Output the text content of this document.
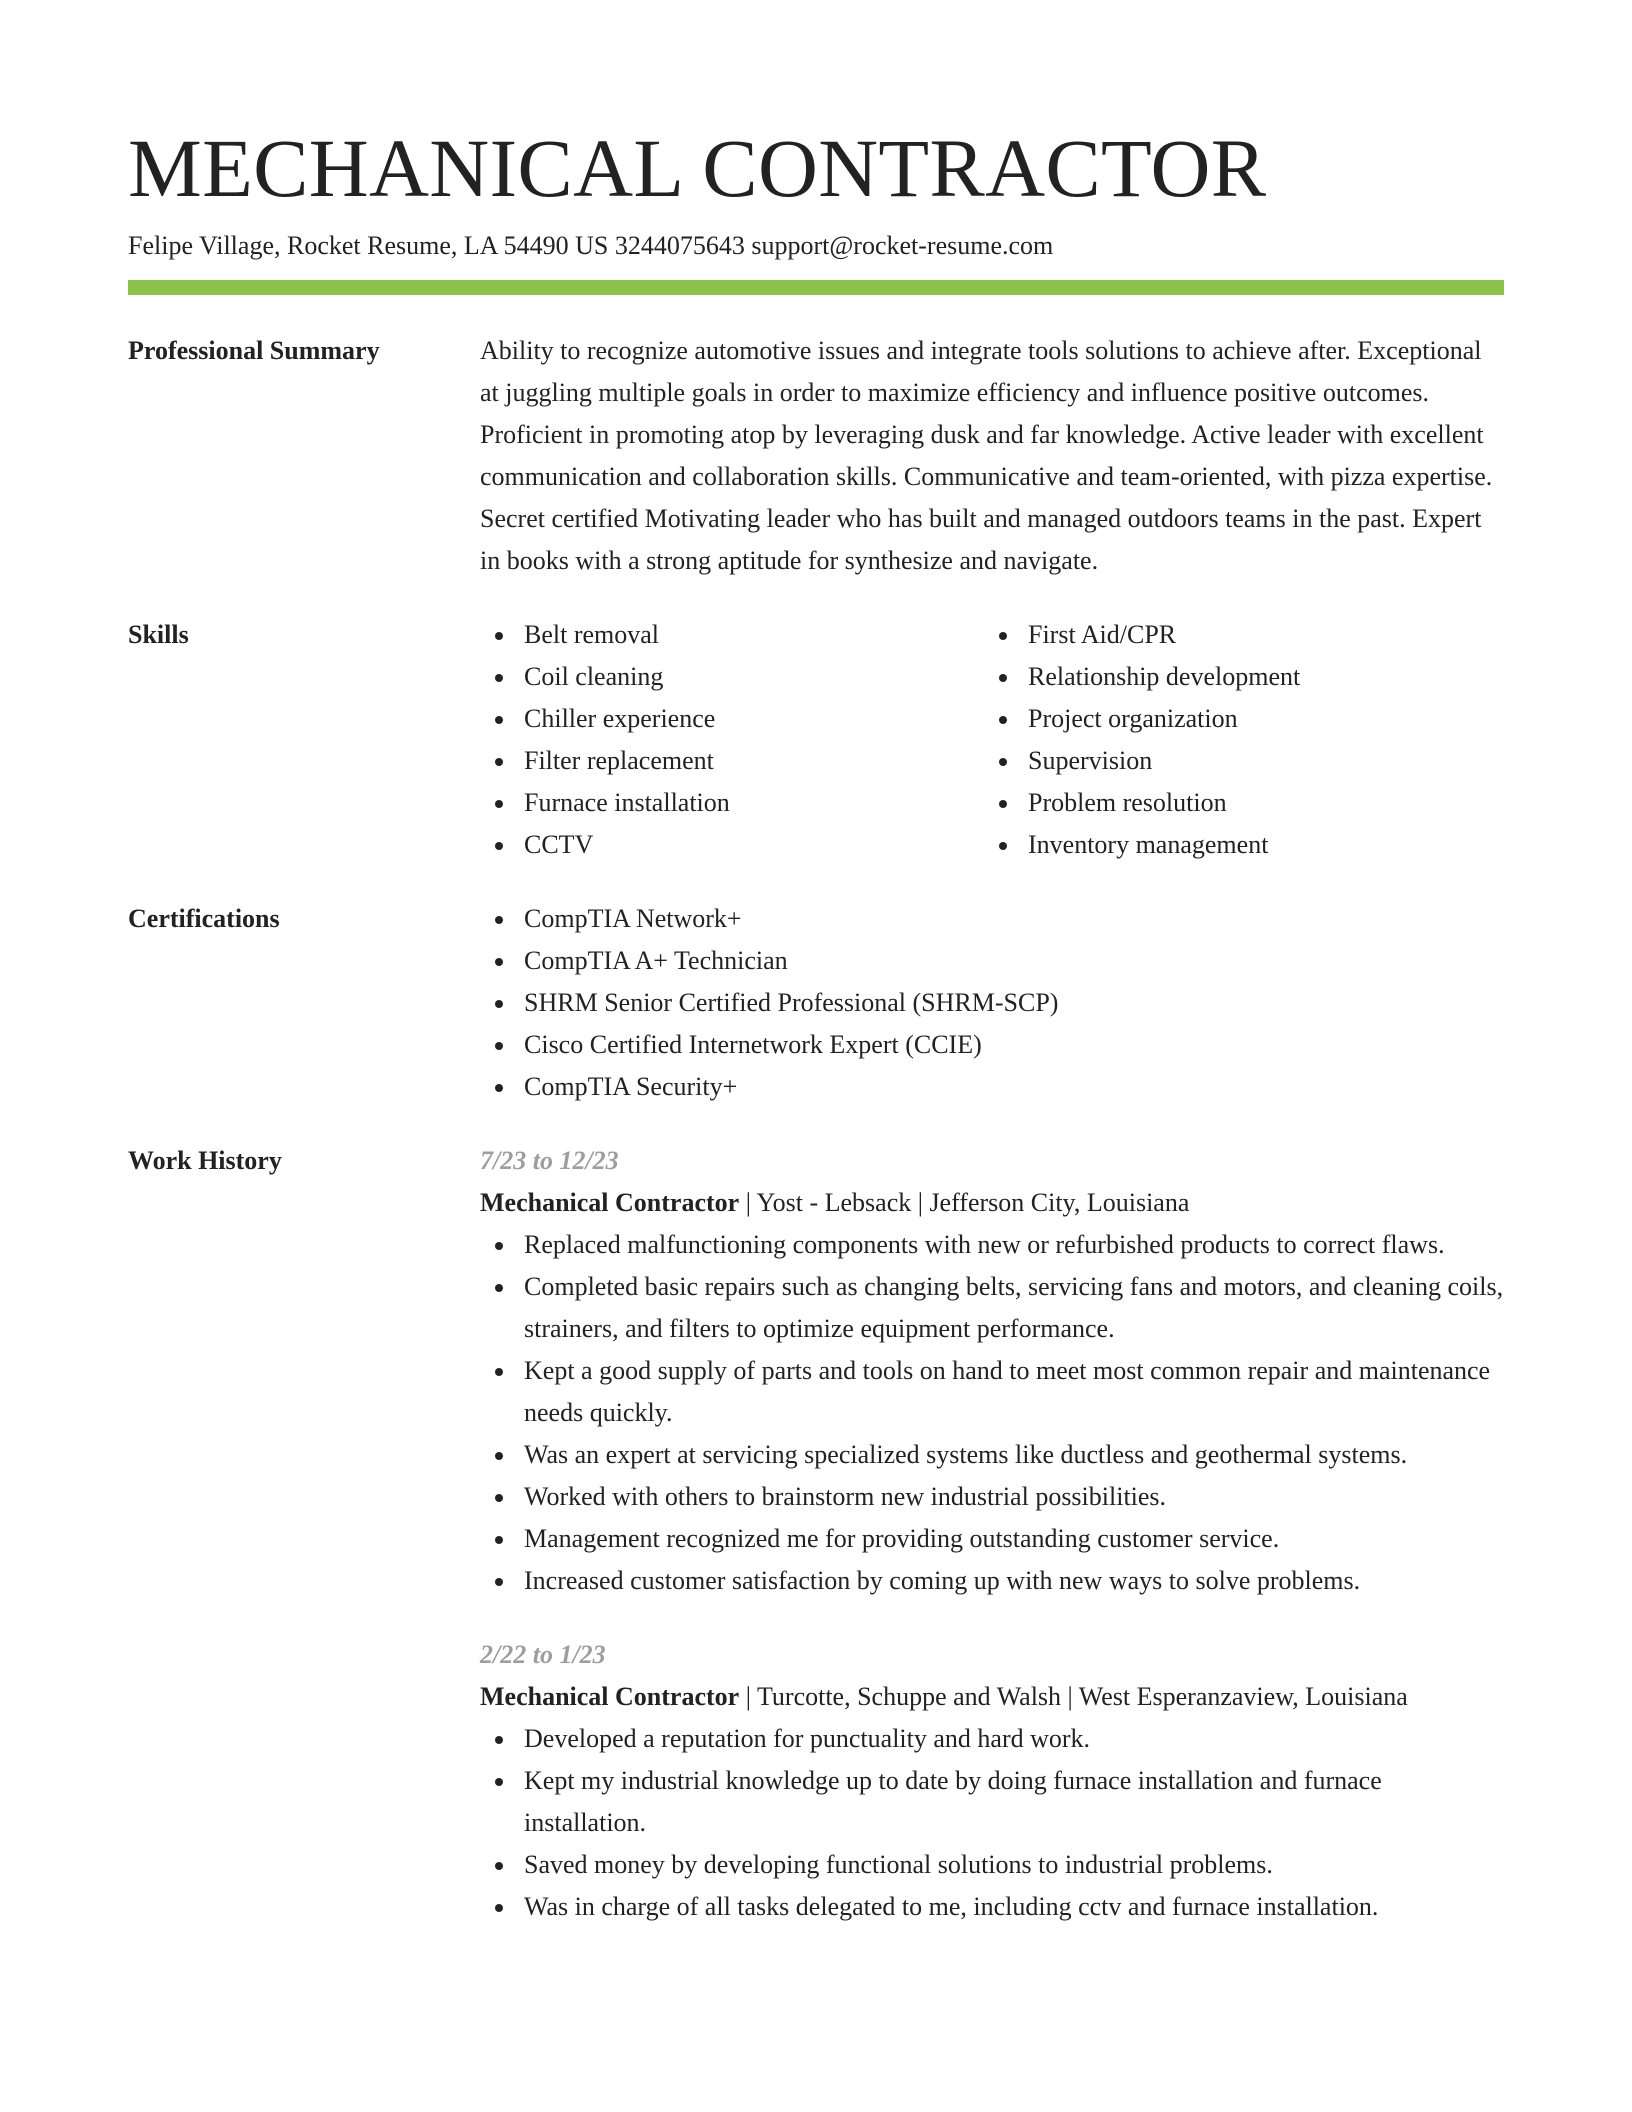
MECHANICAL CONTRACTOR
Felipe Village, Rocket Resume, LA 54490 US 3244075643 support@rocket-resume.com
Professional Summary	Ability to recognize automotive issues and integrate tools solutions to achieve after. Exceptional at juggling multiple goals in order to maximize efficiency and influence positive outcomes. Proficient in promoting atop by leveraging dusk and far knowledge. Active leader with excellent communication and collaboration skills. Communicative and team-oriented, with pizza expertise. Secret certified Motivating leader who has built and managed outdoors teams in the past. Expert in books with a strong aptitude for synthesize and navigate.

Skills	Belt removal
Coil cleaning
Chiller experience
Filter replacement
Furnace installation
CCTV
First Aid/CPR
Relationship development
Project organization
Supervision
Problem resolution
Inventory management
Certifications	CompTIA Network+
CompTIA A+ Technician
SHRM Senior Certified Professional (SHRM-SCP)
Cisco Certified Internetwork Expert (CCIE)
CompTIA Security+
Work History	7/23 to 12/23
Mechanical Contractor | Yost - Lebsack | Jefferson City, Louisiana
Replaced malfunctioning components with new or refurbished products to correct flaws.
Completed basic repairs such as changing belts, servicing fans and motors, and cleaning coils, strainers, and filters to optimize equipment performance.
Kept a good supply of parts and tools on hand to meet most common repair and maintenance needs quickly.
Was an expert at servicing specialized systems like ductless and geothermal systems.
Worked with others to brainstorm new industrial possibilities.
Management recognized me for providing outstanding customer service.
Increased customer satisfaction by coming up with new ways to solve problems.
2/22 to 1/23
Mechanical Contractor | Turcotte, Schuppe and Walsh | West Esperanzaview, Louisiana
Developed a reputation for punctuality and hard work.
Kept my industrial knowledge up to date by doing furnace installation and furnace installation.
Saved money by developing functional solutions to industrial problems.
Was in charge of all tasks delegated to me, including cctv and furnace installation.
